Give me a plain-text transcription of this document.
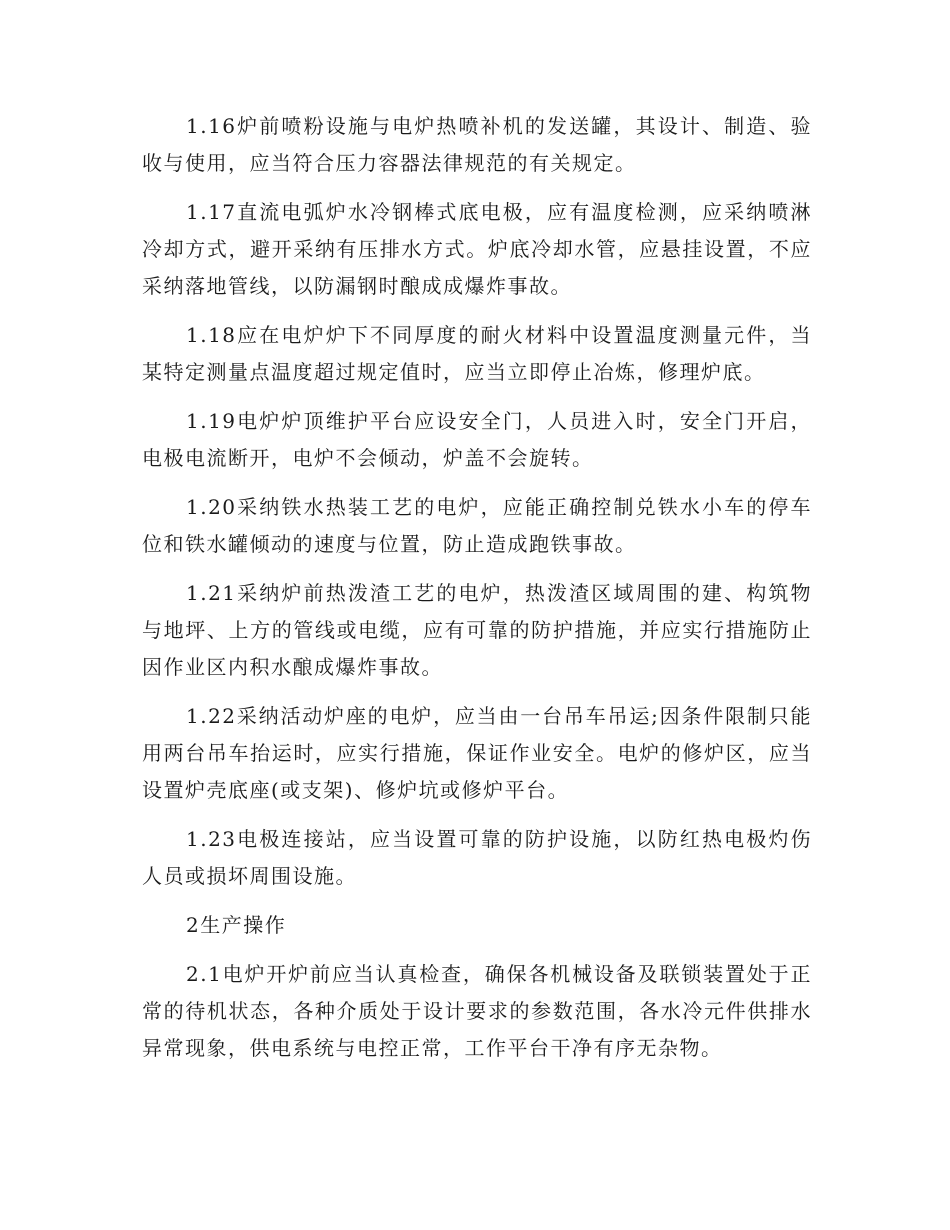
1.16炉前喷粉设施与电炉热喷补机的发送罐，其设计、制造、验收与使用，应当符合压力容器法律规范的有关规定。

1.17直流电弧炉水冷钢棒式底电极，应有温度检测，应采纳喷淋冷却方式，避开采纳有压排水方式。炉底冷却水管，应悬挂设置，不应采纳落地管线，以防漏钢时酿成成爆炸事故。

1.18应在电炉炉下不同厚度的耐火材料中设置温度测量元件，当某特定测量点温度超过规定值时，应当立即停止冶炼，修理炉底。

1.19电炉炉顶维护平台应设安全门，人员进入时，安全门开启，电极电流断开，电炉不会倾动，炉盖不会旋转。

1.20采纳铁水热装工艺的电炉，应能正确控制兑铁水小车的停车位和铁水罐倾动的速度与位置，防止造成跑铁事故。

1.21采纳炉前热泼渣工艺的电炉，热泼渣区域周围的建、构筑物与地坪、上方的管线或电缆，应有可靠的防护措施，并应实行措施防止因作业区内积水酿成爆炸事故。

1.22采纳活动炉座的电炉，应当由一台吊车吊运;因条件限制只能用两台吊车抬运时，应实行措施，保证作业安全。电炉的修炉区，应当设置炉壳底座(或支架)、修炉坑或修炉平台。

1.23电极连接站，应当设置可靠的防护设施，以防红热电极灼伤人员或损坏周围设施。

2生产操作

2.1电炉开炉前应当认真检查，确保各机械设备及联锁装置处于正常的待机状态，各种介质处于设计要求的参数范围，各水冷元件供排水异常现象，供电系统与电控正常，工作平台干净有序无杂物。
